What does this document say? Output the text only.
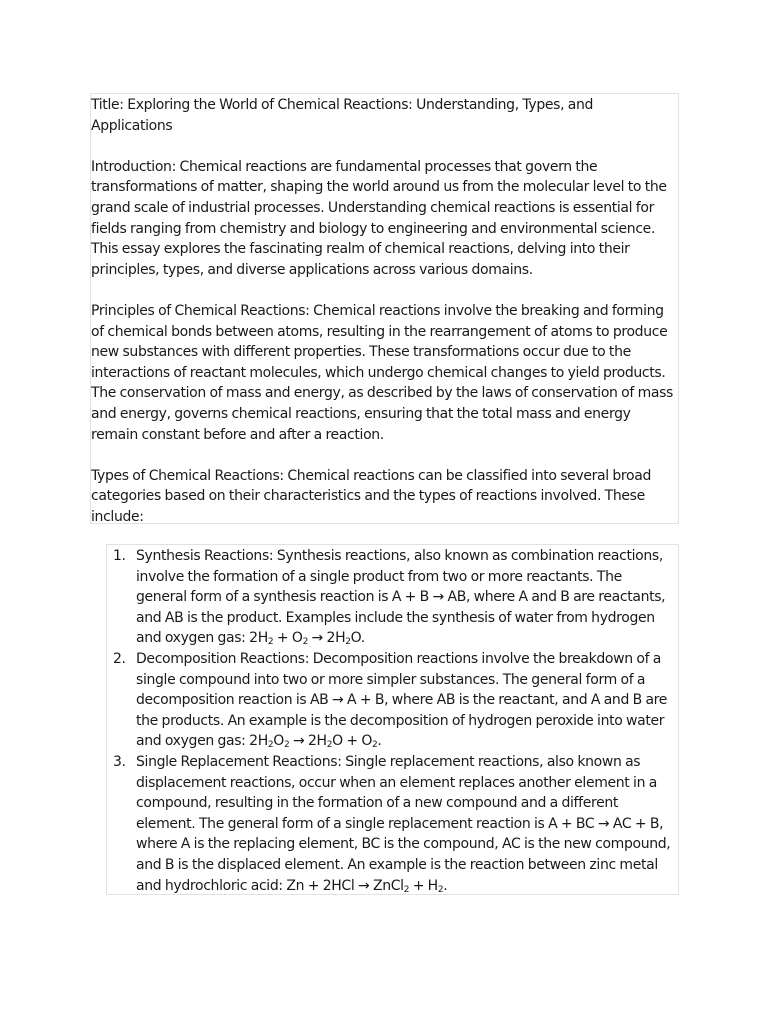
Title: Exploring the World of Chemical Reactions: Understanding, Types, and Applications

Introduction: Chemical reactions are fundamental processes that govern the transformations of matter, shaping the world around us from the molecular level to the grand scale of industrial processes. Understanding chemical reactions is essential for fields ranging from chemistry and biology to engineering and environmental science. This essay explores the fascinating realm of chemical reactions, delving into their principles, types, and diverse applications across various domains.

Principles of Chemical Reactions: Chemical reactions involve the breaking and forming of chemical bonds between atoms, resulting in the rearrangement of atoms to produce new substances with different properties. These transformations occur due to the interactions of reactant molecules, which undergo chemical changes to yield products. The conservation of mass and energy, as described by the laws of conservation of mass and energy, governs chemical reactions, ensuring that the total mass and energy remain constant before and after a reaction.

Types of Chemical Reactions: Chemical reactions can be classified into several broad categories based on their characteristics and the types of reactions involved. These include:

1. Synthesis Reactions: Synthesis reactions, also known as combination reactions, involve the formation of a single product from two or more reactants. The general form of a synthesis reaction is A + B → AB, where A and B are reactants, and AB is the product. Examples include the synthesis of water from hydrogen and oxygen gas: $2H_2 + O_2 \to 2H_2O$.
2. Decomposition Reactions: Decomposition reactions involve the breakdown of a single compound into two or more simpler substances. The general form of a decomposition reaction is AB → A + B, where AB is the reactant, and A and B are the products. An example is the decomposition of hydrogen peroxide into water and oxygen gas: $2H_2O_2 \to 2H_2O + O_2$.
3. Single Replacement Reactions: Single replacement reactions, also known as displacement reactions, occur when an element replaces another element in a compound, resulting in the formation of a new compound and a different element. The general form of a single replacement reaction is A + BC → AC + B, where A is the replacing element, BC is the compound, AC is the new compound, and B is the displaced element. An example is the reaction between zinc metal and hydrochloric acid: Zn + 2HCl → ZnCl$_2$ + $H_2$.
